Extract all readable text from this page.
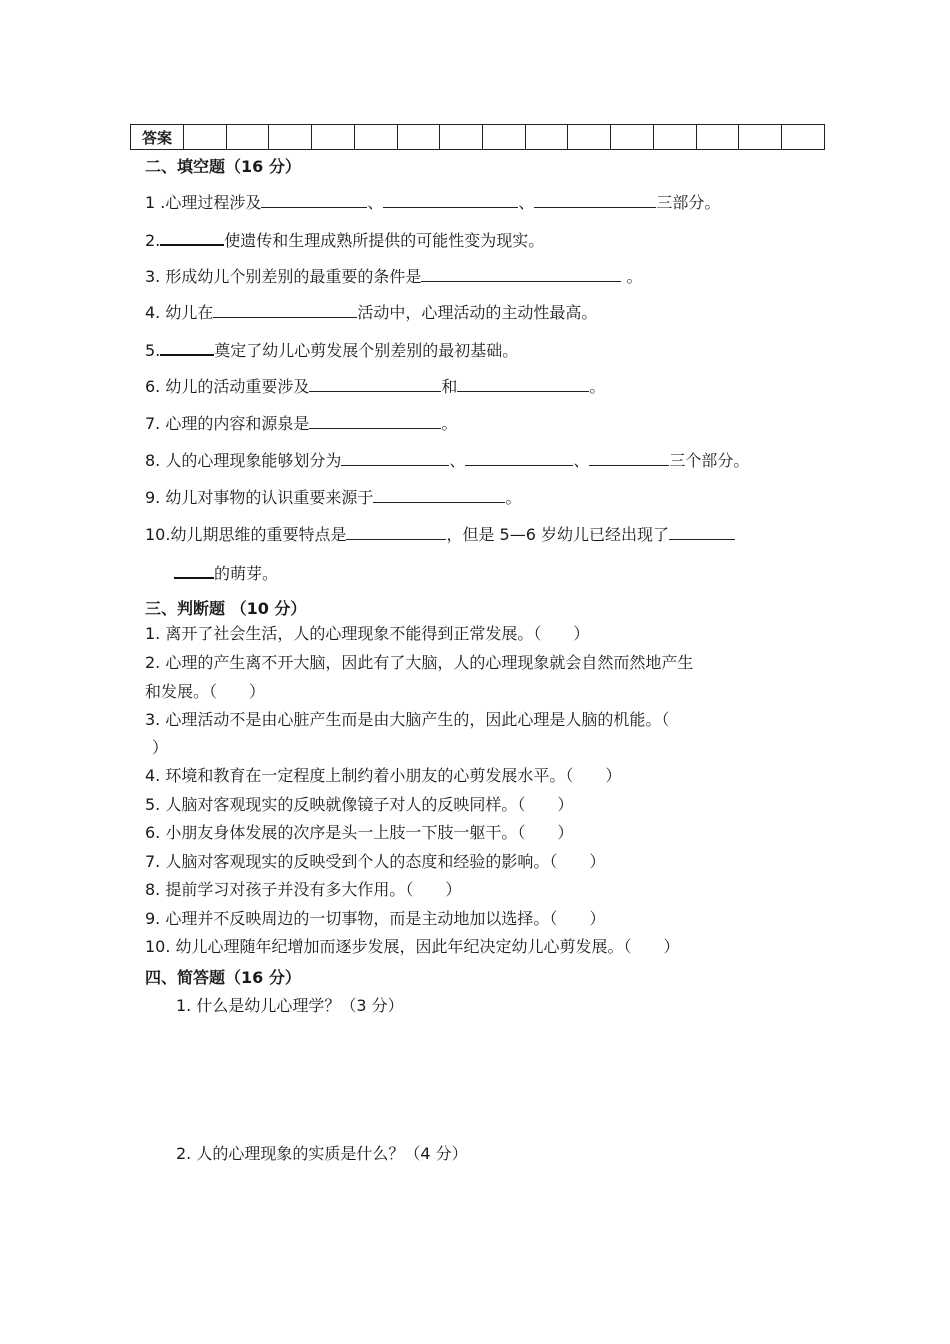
答案															
二、填空题（16 分）
1 .心理过程涉及	、	、	三部分。
2.	使遗传和生理成熟所提供的可能性变为现实。
3. 形成幼儿个别差别的最重要的条件是	。
4. 幼儿在	活动中，心理活动的主动性最高。
5.	奠定了幼儿心剪发展个别差别的最初基础。
6. 幼儿的活动重要涉及	和	。
7. 心理的内容和源泉是	。
8. 人的心理现象能够划分为	、	、	三个部分。
9. 幼儿对事物的认识重要来源于	。
10.幼儿期思维的重要特点是	，但是 5—6 岁幼儿已经出现了
的萌芽。
三、判断题 （10 分）
1. 离开了社会生活，人的心理现象不能得到正常发展。（　　）
2. 心理的产生离不开大脑，因此有了大脑，人的心理现象就会自然而然地产生
和发展。（　　）
3. 心理活动不是由心脏产生而是由大脑产生的，因此心理是人脑的机能。（
）
4. 环境和教育在一定程度上制约着小朋友的心剪发展水平。（　　）
5. 人脑对客观现实的反映就像镜子对人的反映同样。（　　）
6. 小朋友身体发展的次序是头一上肢一下肢一躯干。（　　）
7. 人脑对客观现实的反映受到个人的态度和经验的影响。（　　）
8. 提前学习对孩子并没有多大作用。（　　）
9. 心理并不反映周边的一切事物，而是主动地加以选择。（　　）
10. 幼儿心理随年纪增加而逐步发展，因此年纪决定幼儿心剪发展。（　　）
四、简答题（16 分）
1. 什么是幼儿心理学？（3 分）
2. 人的心理现象的实质是什么？（4 分）
